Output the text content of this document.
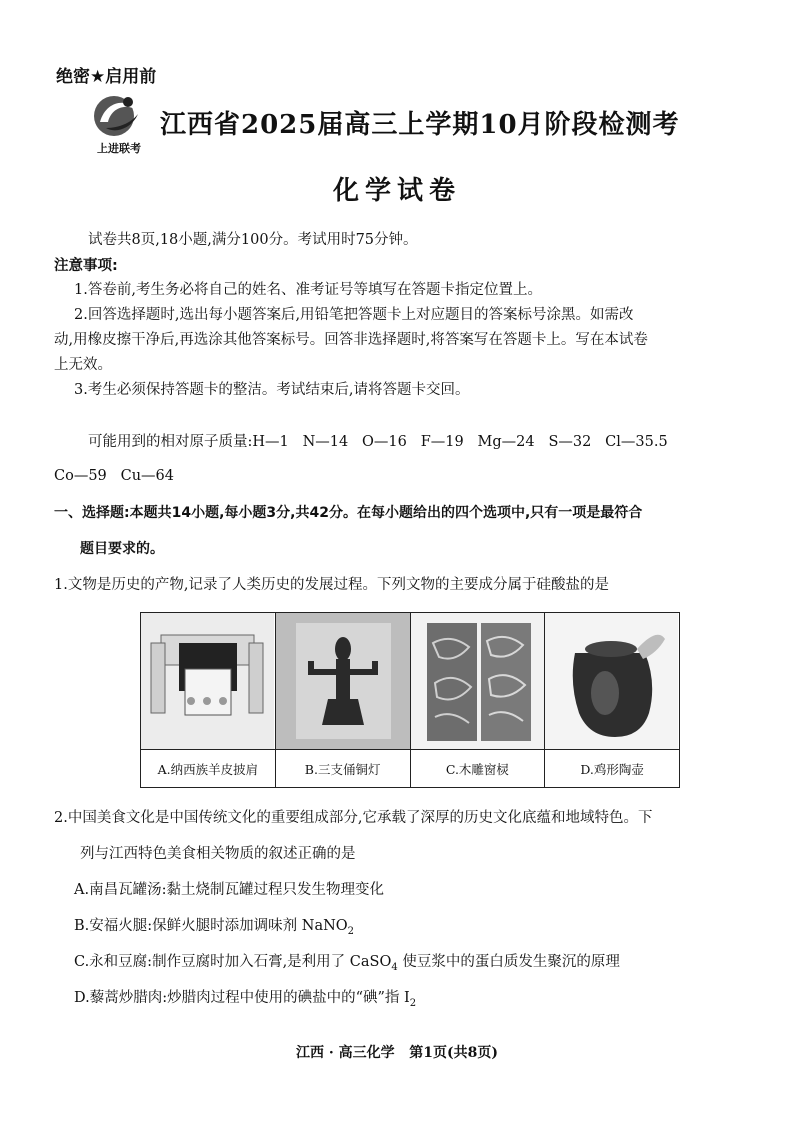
绝密★启用前
上进联考
江西省2025届高三上学期10月阶段检测考
化学试卷
试卷共8页,18小题,满分100分。考试用时75分钟。
注意事项:
1.答卷前,考生务必将自己的姓名、准考证号等填写在答题卡指定位置上。
2.回答选择题时,选出每小题答案后,用铅笔把答题卡上对应题目的答案标号涂黑。如需改
动,用橡皮擦干净后,再选涂其他答案标号。回答非选择题时,将答案写在答题卡上。写在本试卷
上无效。
3.考生必须保持答题卡的整洁。考试结束后,请将答题卡交回。
可能用到的相对原子质量:H—1   N—14   O—16   F—19   Mg—24   S—32   Cl—35.5
Co—59   Cu—64
一、选择题:本题共14小题,每小题3分,共42分。在每小题给出的四个选项中,只有一项是最符合
题目要求的。
1.文物是历史的产物,记录了人类历史的发展过程。下列文物的主要成分属于硅酸盐的是
A.纳西族羊皮披肩	B.三支俑铜灯	C.木雕窗棂	D.鸡形陶壶
2.中国美食文化是中国传统文化的重要组成部分,它承载了深厚的历史文化底蕴和地域特色。下
列与江西特色美食相关物质的叙述正确的是
A.南昌瓦罐汤:黏土烧制瓦罐过程只发生物理变化
B.安福火腿:保鲜火腿时添加调味剂 NaNO$_2$
C.永和豆腐:制作豆腐时加入石膏,是利用了 CaSO$_4$ 使豆浆中的蛋白质发生聚沉的原理
D.藜蒿炒腊肉:炒腊肉过程中使用的碘盐中的“碘”指 $I_2$
江西 · 高三化学   第1页(共8页)
